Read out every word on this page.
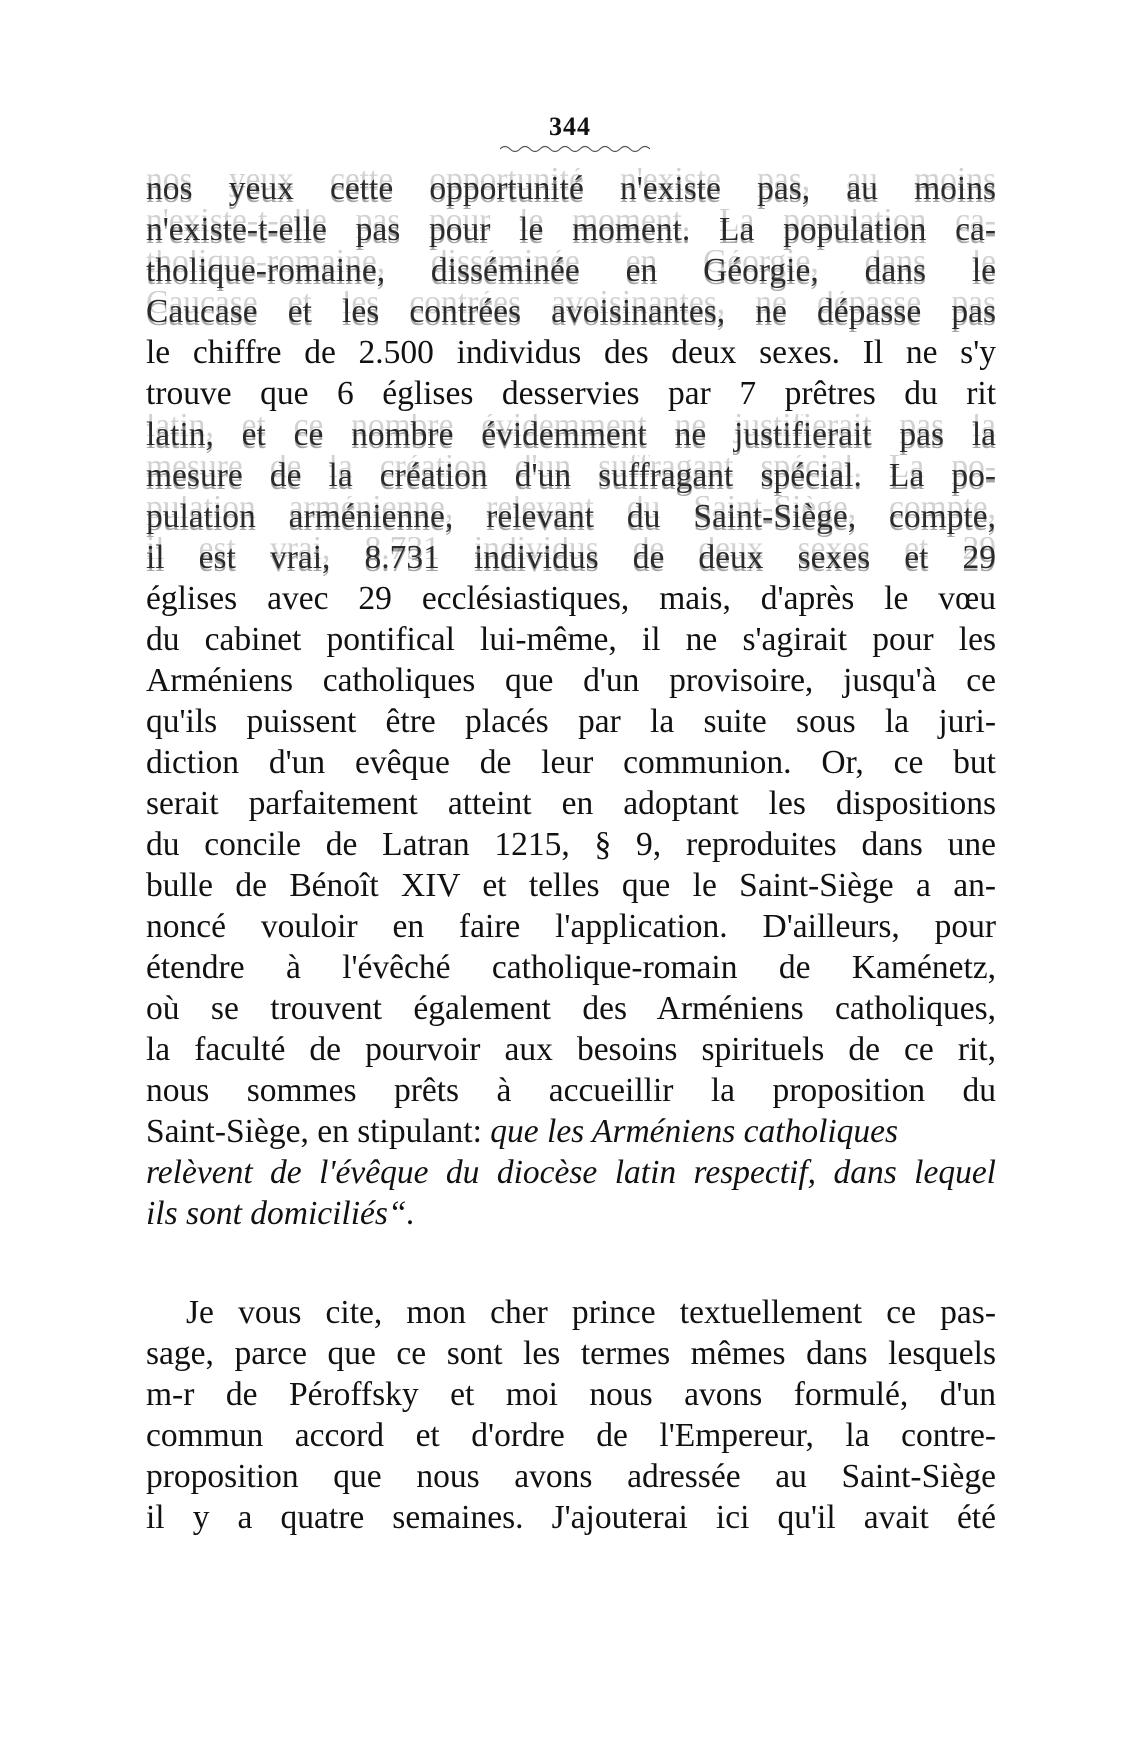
344
nos yeux cette opportunité n'existe pas, au moins
n'existe-t-elle pas pour le moment. La population ca-
tholique-romaine, disséminée en Géorgie, dans le
Caucase et les contrées avoisinantes, ne dépasse pas
le chiffre de 2.500 individus des deux sexes. Il ne s'y
trouve que 6 églises desservies par 7 prêtres du rit
latin, et ce nombre évidemment ne justifierait pas la
mesure de la création d'un suffragant spécial. La po-
pulation arménienne, relevant du Saint-Siège, compte,
il est vrai, 8.731 individus de deux sexes et 29
églises avec 29 ecclésiastiques, mais, d'après le vœu
du cabinet pontifical lui-même, il ne s'agirait pour les
Arméniens catholiques que d'un provisoire, jusqu'à ce
qu'ils puissent être placés par la suite sous la juri-
diction d'un evêque de leur communion. Or, ce but
serait parfaitement atteint en adoptant les dispositions
du concile de Latran 1215, § 9, reproduites dans une
bulle de Bénoît XIV et telles que le Saint-Siège a an-
noncé vouloir en faire l'application. D'ailleurs, pour
étendre à l'évêché catholique-romain de Kaménetz,
où se trouvent également des Arméniens catholiques,
la faculté de pourvoir aux besoins spirituels de ce rit,
nous sommes prêts à accueillir la proposition du
Saint-Siège, en stipulant: que les Arméniens catholiques
relèvent de l'évêque du diocèse latin respectif, dans lequel
ils sont domiciliés“.
Je vous cite, mon cher prince textuellement ce pas-
sage, parce que ce sont les termes mêmes dans lesquels
m-r de Péroffsky et moi nous avons formulé, d'un
commun accord et d'ordre de l'Empereur, la contre-
proposition que nous avons adressée au Saint-Siège
il y a quatre semaines. J'ajouterai ici qu'il avait été
